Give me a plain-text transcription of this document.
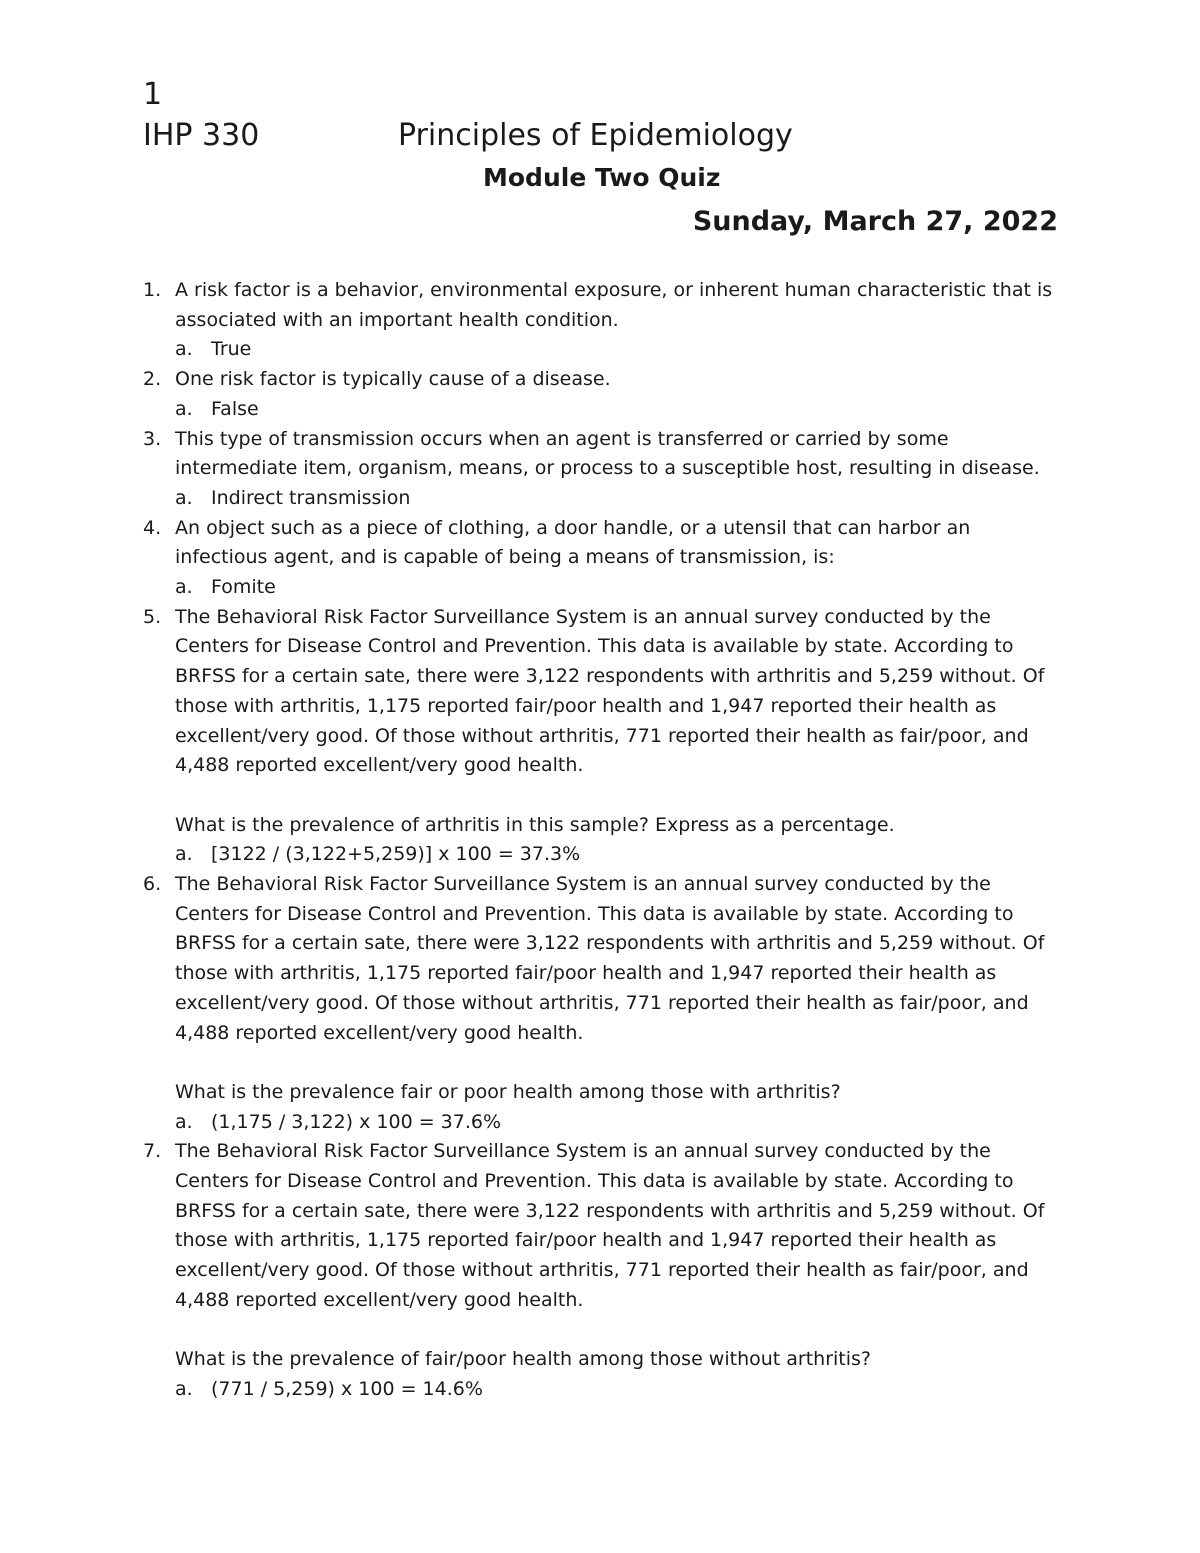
1
IHP 330	Principles of Epidemiology
Module Two Quiz
Sunday, March 27, 2022
1. A risk factor is a behavior, environmental exposure, or inherent human characteristic that is associated with an important health condition.
a. True
2. One risk factor is typically cause of a disease.
a. False
3. This type of transmission occurs when an agent is transferred or carried by some intermediate item, organism, means, or process to a susceptible host, resulting in disease.
a. Indirect transmission
4. An object such as a piece of clothing, a door handle, or a utensil that can harbor an infectious agent, and is capable of being a means of transmission, is:
a. Fomite
5. The Behavioral Risk Factor Surveillance System is an annual survey conducted by the Centers for Disease Control and Prevention. This data is available by state. According to BRFSS for a certain sate, there were 3,122 respondents with arthritis and 5,259 without. Of those with arthritis, 1,175 reported fair/poor health and 1,947 reported their health as excellent/very good. Of those without arthritis, 771 reported their health as fair/poor, and 4,488 reported excellent/very good health.
What is the prevalence of arthritis in this sample? Express as a percentage.
a. [3122 / (3,122+5,259)] x 100 = 37.3%
6. The Behavioral Risk Factor Surveillance System is an annual survey conducted by the Centers for Disease Control and Prevention. This data is available by state. According to BRFSS for a certain sate, there were 3,122 respondents with arthritis and 5,259 without. Of those with arthritis, 1,175 reported fair/poor health and 1,947 reported their health as excellent/very good. Of those without arthritis, 771 reported their health as fair/poor, and 4,488 reported excellent/very good health.
What is the prevalence fair or poor health among those with arthritis?
a. (1,175 / 3,122) x 100 = 37.6%
7. The Behavioral Risk Factor Surveillance System is an annual survey conducted by the Centers for Disease Control and Prevention. This data is available by state. According to BRFSS for a certain sate, there were 3,122 respondents with arthritis and 5,259 without. Of those with arthritis, 1,175 reported fair/poor health and 1,947 reported their health as excellent/very good. Of those without arthritis, 771 reported their health as fair/poor, and 4,488 reported excellent/very good health.
What is the prevalence of fair/poor health among those without arthritis?
a. (771 / 5,259) x 100 = 14.6%
